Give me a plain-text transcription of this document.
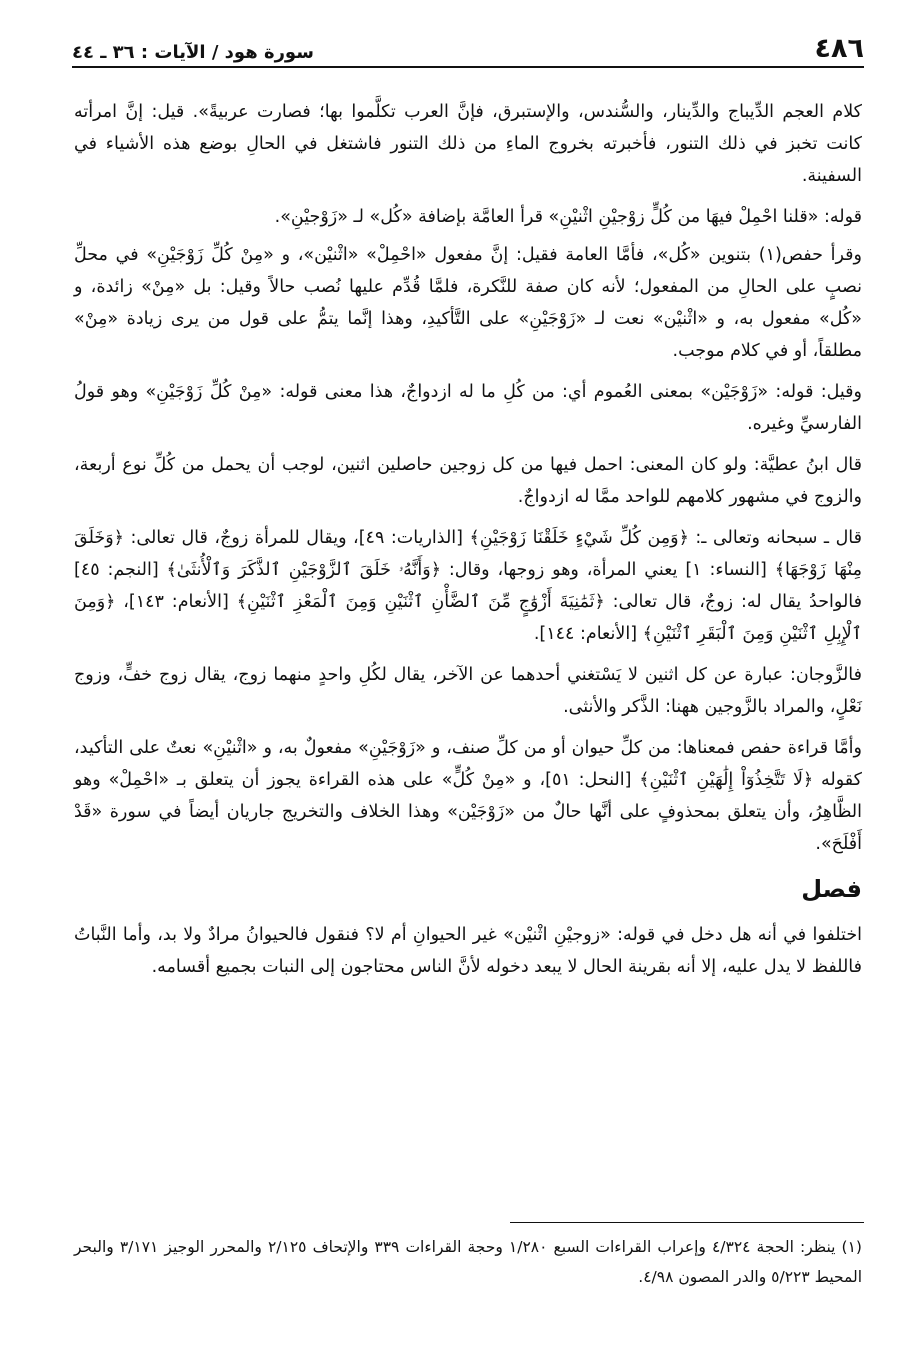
٤٨٦
سورة هود / الآيات : ٣٦ ـ ٤٤

كلام العجم الدِّيباج والدِّينار، والسُّندس، والإستبرق، فإنَّ العرب تكلَّموا بها؛ فصارت عربيةً». قيل: إنَّ امرأته كانت تخبز في ذلك التنور، فأخبرته بخروج الماءِ من ذلك التنور فاشتغل في الحالِ بوضع هذه الأشياء في السفينة.

قوله: «قلنا احْمِلْ فيهَا من كُلٍّ زوْجيْنِ اثْنيْنِ» قرأ العامَّة بإضافة «كُل» لـ «زَوْجيْنِ».

وقرأ حفص(١) بتنوين «كُل»، فأمَّا العامة فقيل: إنَّ مفعول «احْمِلْ» «اثْنيْن»، و «مِنْ كُلِّ زَوْجَيْنِ» في محلِّ نصبٍ على الحالِ من المفعول؛ لأنه كان صفة للنَّكرة، فلمَّا قُدِّم عليها نُصب حالاً وقيل: بل «مِنْ» زائدة، و «كُل» مفعول به، و «اثْنيْن» نعت لـ «زَوْجَيْنِ» على التَّأكيدِ، وهذا إنَّما يتمُّ على قول من يرى زيادة «مِنْ» مطلقاً، أو في كلام موجب.

وقيل: قوله: «زَوْجَيْن» بمعنى العُموم أي: من كُلِ ما له ازدواجٌ، هذا معنى قوله: «مِنْ كُلِّ زَوْجَيْنِ» وهو قولُ الفارسيِّ وغيره.

قال ابنُ عطيَّة: ولو كان المعنى: احمل فيها من كل زوجين حاصلين اثنين، لوجب أن يحمل من كُلِّ نوع أربعة، والزوج في مشهور كلامهم للواحد ممَّا له ازدواجٌ.

قال ـ سبحانه وتعالى ـ: ﴿وَمِن كُلِّ شَيْءٍ خَلَقْنَا زَوْجَيْنِ﴾ [الذاريات: ٤٩]، ويقال للمرأة زوجٌ، قال تعالى: ﴿وَخَلَقَ مِنْهَا زَوْجَهَا﴾ [النساء: ١] يعني المرأة، وهو زوجها، وقال: ﴿وَأَنَّهُۥ خَلَقَ ٱلزَّوْجَيْنِ ٱلذَّكَرَ وَٱلْأُنثَىٰ﴾ [النجم: ٤٥] فالواحدُ يقال له: زوجٌ، قال تعالى: ﴿ثَمَٰنِيَةَ أَزْوَٰجٍ مِّنَ ٱلضَّأْنِ ٱثْنَيْنِ وَمِنَ ٱلْمَعْزِ ٱثْنَيْنِ﴾ [الأنعام: ١٤٣]، ﴿وَمِنَ ٱلْإِبِلِ ٱثْنَيْنِ وَمِنَ ٱلْبَقَرِ ٱثْنَيْنِ﴾ [الأنعام: ١٤٤].

فالزَّوجان: عبارة عن كل اثنين لا يَسْتغني أحدهما عن الآخر، يقال لكُلِ واحدٍ منهما زوج، يقال زوج خفٍّ، وزوج نَعْلٍ، والمراد بالزَّوجين ههنا: الذَّكر والأنثى.

وأمَّا قراءة حفص فمعناها: من كلِّ حيوان أو من كلِّ صنف، و «زَوْجَيْنِ» مفعولٌ به، و «اثْنيْنِ» نعتٌ على التأكيد، كقوله ﴿لَا تَتَّخِذُوٓاْ إِلَٰهَيْنِ ٱثْنَيْنِ﴾ [النحل: ٥١]، و «مِنْ كُلٍّ» على هذه القراءة يجوز أن يتعلق بـ «احْمِلْ» وهو الظَّاهِرُ، وأن يتعلق بمحذوفٍ على أنَّها حالٌ من «زَوْجَيْن» وهذا الخلاف والتخريج جاريان أيضاً في سورة «قَدْ أَفْلَحَ».

فصل

اختلفوا في أنه هل دخل في قوله: «زوجيْنِ اثْنيْن» غير الحيوانِ أم لا؟ فنقول فالحيوانُ مرادٌ ولا بد، وأما النَّباتُ فاللفظ لا يدل عليه، إلا أنه بقرينة الحال لا يبعد دخوله لأنَّ الناس محتاجون إلى النبات بجميع أقسامه.

(١) ينظر: الحجة ٤/٣٢٤ وإعراب القراءات السبع ١/٢٨٠ وحجة القراءات ٣٣٩ والإتحاف ٢/١٢٥ والمحرر الوجيز ٣/١٧١ والبحر المحيط ٥/٢٢٣ والدر المصون ٤/٩٨.
